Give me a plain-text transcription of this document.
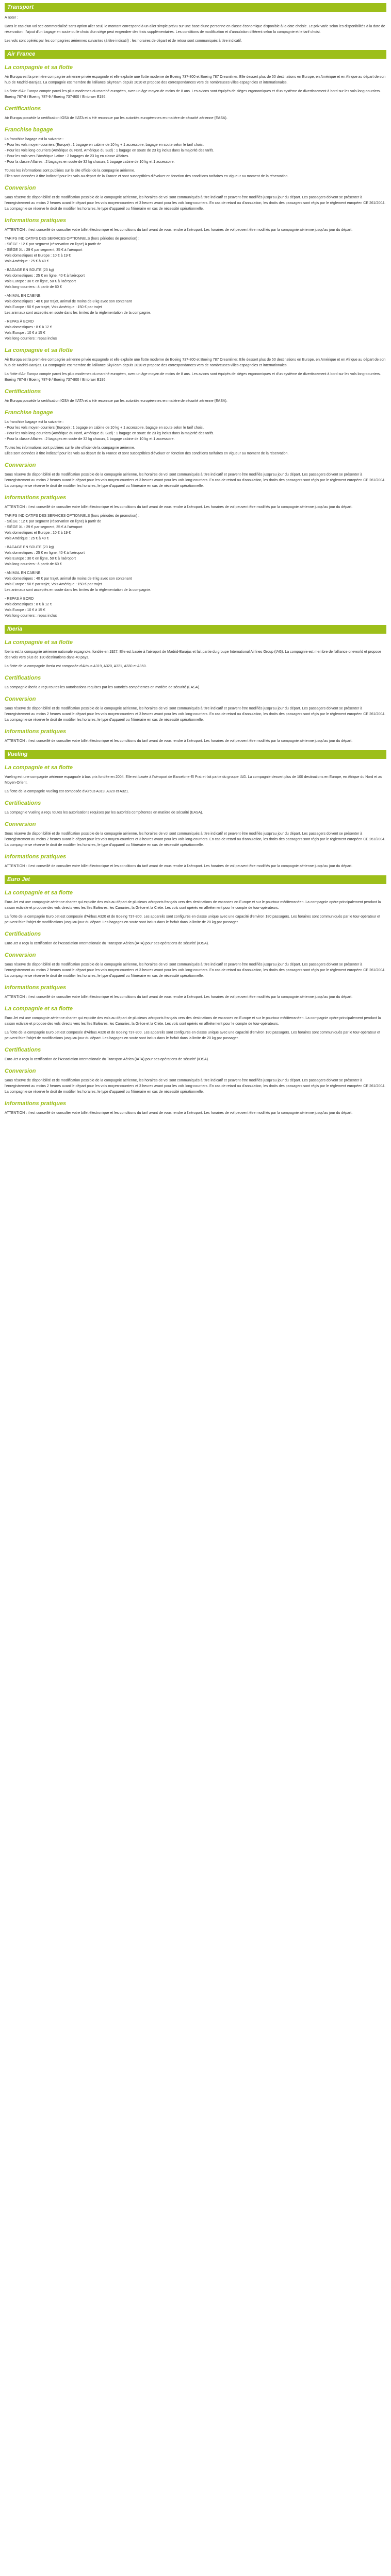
Transport

A noter :

Dans le cas d'un vol sec commercialisé sans option aller seul, le montant correspond à un aller simple prévu sur une base d'une personne en classe économique disponible à la date choisie. Le prix varie selon les disponibilités à la date de réservation : l'ajout d'un bagage en soute ou le choix d'un siège peut engendrer des frais supplémentaires. Les conditions de modification et d'annulation diffèrent selon la compagnie et le tarif choisi.

Les vols sont opérés par les compagnies aériennes suivantes (à titre indicatif) : les horaires de départ et de retour sont communiqués à titre indicatif.

Air France
La compagnie et sa flotte

Air Europa est la première compagnie aérienne privée espagnole et elle exploite une flotte moderne de Boeing 737-800 et Boeing 787 Dreamliner. Elle dessert plus de 50 destinations en Europe, en Amérique et en Afrique au départ de son hub de Madrid-Barajas. La compagnie est membre de l'alliance SkyTeam depuis 2010 et propose des correspondances vers de nombreuses villes espagnoles et internationales.

La flotte d'Air Europa compte parmi les plus modernes du marché européen, avec un âge moyen de moins de 8 ans. Les avions sont équipés de sièges ergonomiques et d'un système de divertissement à bord sur les vols long-courriers. Boeing 787-8 / Boeing 787-9 / Boeing 737-800 / Embraer E195.

Certifications

Air Europa possède la certification IOSA de l'IATA et a été reconnue par les autorités européennes en matière de sécurité aérienne (EASA).

Franchise bagage

La franchise bagage est la suivante :

- Pour les vols moyen-courriers (Europe) : 1 bagage en cabine de 10 kg + 1 accessoire, bagage en soute selon le tarif choisi.

- Pour les vols long-courriers (Amérique du Nord, Amérique du Sud) : 1 bagage en soute de 23 kg inclus dans la majorité des tarifs.

- Pour les vols vers l'Amérique Latine : 2 bagages de 23 kg en classe Affaires.

- Pour la classe Affaires : 2 bagages en soute de 32 kg chacun, 1 bagage cabine de 10 kg et 1 accessoire.

Toutes les informations sont publiées sur le site officiel de la compagnie aérienne.

Elles sont données à titre indicatif pour les vols au départ de la France et sont susceptibles d'évoluer en fonction des conditions tarifaires en vigueur au moment de la réservation.

Conversion

Sous réserve de disponibilité et de modification possible de la compagnie aérienne, les horaires de vol sont communiqués à titre indicatif et peuvent être modifiés jusqu'au jour du départ. Les passagers doivent se présenter à l'enregistrement au moins 2 heures avant le départ pour les vols moyen-courriers et 3 heures avant pour les vols long-courriers. En cas de retard ou d'annulation, les droits des passagers sont régis par le règlement européen CE 261/2004. La compagnie se réserve le droit de modifier les horaires, le type d'appareil ou l'itinéraire en cas de nécessité opérationnelle.

Informations pratiques

ATTENTION : il est conseillé de consulter votre billet électronique et les conditions du tarif avant de vous rendre à l'aéroport. Les horaires de vol peuvent être modifiés par la compagnie aérienne jusqu'au jour du départ.

TARIFS INDICATIFS DES SERVICES OPTIONNELS (hors périodes de promotion) :

- SIÈGE : 12 € par segment (réservation en ligne) à partir de

- SIÈGE XL : 29 € par segment, 35 € à l'aéroport

Vols domestiques et Europe : 10 € à 19 €

Vols Amérique : 25 € à 40 €

- BAGAGE EN SOUTE (23 kg)

Vols domestiques : 25 € en ligne, 40 € à l'aéroport

Vols Europe : 30 € en ligne, 50 € à l'aéroport

Vols long-courriers : à partir de 60 €

- ANIMAL EN CABINE

Vols domestiques : 40 € par trajet, animal de moins de 8 kg avec son contenant

Vols Europe : 50 € par trajet, Vols Amérique : 150 € par trajet

Les animaux sont acceptés en soute dans les limites de la réglementation de la compagnie.

- REPAS À BORD

Vols domestiques : 8 € à 12 €

Vols Europe : 10 € à 15 €

Vols long-courriers : repas inclus

La compagnie et sa flotte

Air Europa est la première compagnie aérienne privée espagnole et elle exploite une flotte moderne de Boeing 737-800 et Boeing 787 Dreamliner. Elle dessert plus de 50 destinations en Europe, en Amérique et en Afrique au départ de son hub de Madrid-Barajas. La compagnie est membre de l'alliance SkyTeam depuis 2010 et propose des correspondances vers de nombreuses villes espagnoles et internationales.

La flotte d'Air Europa compte parmi les plus modernes du marché européen, avec un âge moyen de moins de 8 ans. Les avions sont équipés de sièges ergonomiques et d'un système de divertissement à bord sur les vols long-courriers. Boeing 787-8 / Boeing 787-9 / Boeing 737-800 / Embraer E195.

Certifications

Air Europa possède la certification IOSA de l'IATA et a été reconnue par les autorités européennes en matière de sécurité aérienne (EASA).

Franchise bagage

La franchise bagage est la suivante :

- Pour les vols moyen-courriers (Europe) : 1 bagage en cabine de 10 kg + 1 accessoire, bagage en soute selon le tarif choisi.

- Pour les vols long-courriers (Amérique du Nord, Amérique du Sud) : 1 bagage en soute de 23 kg inclus dans la majorité des tarifs.

- Pour la classe Affaires : 2 bagages en soute de 32 kg chacun, 1 bagage cabine de 10 kg et 1 accessoire.

Toutes les informations sont publiées sur le site officiel de la compagnie aérienne.

Elles sont données à titre indicatif pour les vols au départ de la France et sont susceptibles d'évoluer en fonction des conditions tarifaires en vigueur au moment de la réservation.

Conversion

Sous réserve de disponibilité et de modification possible de la compagnie aérienne, les horaires de vol sont communiqués à titre indicatif et peuvent être modifiés jusqu'au jour du départ. Les passagers doivent se présenter à l'enregistrement au moins 2 heures avant le départ pour les vols moyen-courriers et 3 heures avant pour les vols long-courriers. En cas de retard ou d'annulation, les droits des passagers sont régis par le règlement européen CE 261/2004. La compagnie se réserve le droit de modifier les horaires, le type d'appareil ou l'itinéraire en cas de nécessité opérationnelle.

Informations pratiques

ATTENTION : il est conseillé de consulter votre billet électronique et les conditions du tarif avant de vous rendre à l'aéroport. Les horaires de vol peuvent être modifiés par la compagnie aérienne jusqu'au jour du départ.

TARIFS INDICATIFS DES SERVICES OPTIONNELS (hors périodes de promotion) :

- SIÈGE : 12 € par segment (réservation en ligne) à partir de

- SIÈGE XL : 29 € par segment, 35 € à l'aéroport

Vols domestiques et Europe : 10 € à 19 €

Vols Amérique : 25 € à 40 €

- BAGAGE EN SOUTE (23 kg)

Vols domestiques : 25 € en ligne, 40 € à l'aéroport

Vols Europe : 30 € en ligne, 50 € à l'aéroport

Vols long-courriers : à partir de 60 €

- ANIMAL EN CABINE

Vols domestiques : 40 € par trajet, animal de moins de 8 kg avec son contenant

Vols Europe : 50 € par trajet, Vols Amérique : 150 € par trajet

Les animaux sont acceptés en soute dans les limites de la réglementation de la compagnie.

- REPAS À BORD

Vols domestiques : 8 € à 12 €

Vols Europe : 10 € à 15 €

Vols long-courriers : repas inclus

Iberia
La compagnie et sa flotte

Iberia est la compagnie aérienne nationale espagnole, fondée en 1927. Elle est basée à l'aéroport de Madrid-Barajas et fait partie du groupe International Airlines Group (IAG). La compagnie est membre de l'alliance oneworld et propose des vols vers plus de 130 destinations dans 40 pays.

La flotte de la compagnie Iberia est composée d'Airbus A319, A320, A321, A330 et A350.

Certifications

La compagnie Iberia a reçu toutes les autorisations requises par les autorités compétentes en matière de sécurité (EASA).

Conversion

Sous réserve de disponibilité et de modification possible de la compagnie aérienne, les horaires de vol sont communiqués à titre indicatif et peuvent être modifiés jusqu'au jour du départ. Les passagers doivent se présenter à l'enregistrement au moins 2 heures avant le départ pour les vols moyen-courriers et 3 heures avant pour les vols long-courriers. En cas de retard ou d'annulation, les droits des passagers sont régis par le règlement européen CE 261/2004. La compagnie se réserve le droit de modifier les horaires, le type d'appareil ou l'itinéraire en cas de nécessité opérationnelle.

Informations pratiques

ATTENTION : il est conseillé de consulter votre billet électronique et les conditions du tarif avant de vous rendre à l'aéroport. Les horaires de vol peuvent être modifiés par la compagnie aérienne jusqu'au jour du départ.

Vueling
La compagnie et sa flotte

Vueling est une compagnie aérienne espagnole à bas prix fondée en 2004. Elle est basée à l'aéroport de Barcelone-El Prat et fait partie du groupe IAG. La compagnie dessert plus de 100 destinations en Europe, en Afrique du Nord et au Moyen-Orient.

La flotte de la compagnie Vueling est composée d'Airbus A319, A320 et A321.

Certifications

La compagnie Vueling a reçu toutes les autorisations requises par les autorités compétentes en matière de sécurité (EASA).

Conversion

Sous réserve de disponibilité et de modification possible de la compagnie aérienne, les horaires de vol sont communiqués à titre indicatif et peuvent être modifiés jusqu'au jour du départ. Les passagers doivent se présenter à l'enregistrement au moins 2 heures avant le départ pour les vols moyen-courriers et 3 heures avant pour les vols long-courriers. En cas de retard ou d'annulation, les droits des passagers sont régis par le règlement européen CE 261/2004. La compagnie se réserve le droit de modifier les horaires, le type d'appareil ou l'itinéraire en cas de nécessité opérationnelle.

Informations pratiques

ATTENTION : il est conseillé de consulter votre billet électronique et les conditions du tarif avant de vous rendre à l'aéroport. Les horaires de vol peuvent être modifiés par la compagnie aérienne jusqu'au jour du départ.

Euro Jet
La compagnie et sa flotte

Euro Jet est une compagnie aérienne charter qui exploite des vols au départ de plusieurs aéroports français vers des destinations de vacances en Europe et sur le pourtour méditerranéen. La compagnie opère principalement pendant la saison estivale et propose des vols directs vers les îles Baléares, les Canaries, la Grèce et la Crète. Les vols sont opérés en affrètement pour le compte de tour-opérateurs.

La flotte de la compagnie Euro Jet est composée d'Airbus A320 et de Boeing 737-800. Les appareils sont configurés en classe unique avec une capacité d'environ 180 passagers. Les horaires sont communiqués par le tour-opérateur et peuvent faire l'objet de modifications jusqu'au jour du départ. Les bagages en soute sont inclus dans le forfait dans la limite de 20 kg par passager.

Certifications

Euro Jet a reçu la certification de l'Association Internationale du Transport Aérien (IATA) pour ses opérations de sécurité (IOSA).

Conversion

Sous réserve de disponibilité et de modification possible de la compagnie aérienne, les horaires de vol sont communiqués à titre indicatif et peuvent être modifiés jusqu'au jour du départ. Les passagers doivent se présenter à l'enregistrement au moins 2 heures avant le départ pour les vols moyen-courriers et 3 heures avant pour les vols long-courriers. En cas de retard ou d'annulation, les droits des passagers sont régis par le règlement européen CE 261/2004. La compagnie se réserve le droit de modifier les horaires, le type d'appareil ou l'itinéraire en cas de nécessité opérationnelle.

Informations pratiques

ATTENTION : il est conseillé de consulter votre billet électronique et les conditions du tarif avant de vous rendre à l'aéroport. Les horaires de vol peuvent être modifiés par la compagnie aérienne jusqu'au jour du départ.

La compagnie et sa flotte

Euro Jet est une compagnie aérienne charter qui exploite des vols au départ de plusieurs aéroports français vers des destinations de vacances en Europe et sur le pourtour méditerranéen. La compagnie opère principalement pendant la saison estivale et propose des vols directs vers les îles Baléares, les Canaries, la Grèce et la Crète. Les vols sont opérés en affrètement pour le compte de tour-opérateurs.

La flotte de la compagnie Euro Jet est composée d'Airbus A320 et de Boeing 737-800. Les appareils sont configurés en classe unique avec une capacité d'environ 180 passagers. Les horaires sont communiqués par le tour-opérateur et peuvent faire l'objet de modifications jusqu'au jour du départ. Les bagages en soute sont inclus dans le forfait dans la limite de 20 kg par passager.

Certifications

Euro Jet a reçu la certification de l'Association Internationale du Transport Aérien (IATA) pour ses opérations de sécurité (IOSA).

Conversion

Sous réserve de disponibilité et de modification possible de la compagnie aérienne, les horaires de vol sont communiqués à titre indicatif et peuvent être modifiés jusqu'au jour du départ. Les passagers doivent se présenter à l'enregistrement au moins 2 heures avant le départ pour les vols moyen-courriers et 3 heures avant pour les vols long-courriers. En cas de retard ou d'annulation, les droits des passagers sont régis par le règlement européen CE 261/2004. La compagnie se réserve le droit de modifier les horaires, le type d'appareil ou l'itinéraire en cas de nécessité opérationnelle.

Informations pratiques

ATTENTION : il est conseillé de consulter votre billet électronique et les conditions du tarif avant de vous rendre à l'aéroport. Les horaires de vol peuvent être modifiés par la compagnie aérienne jusqu'au jour du départ.
